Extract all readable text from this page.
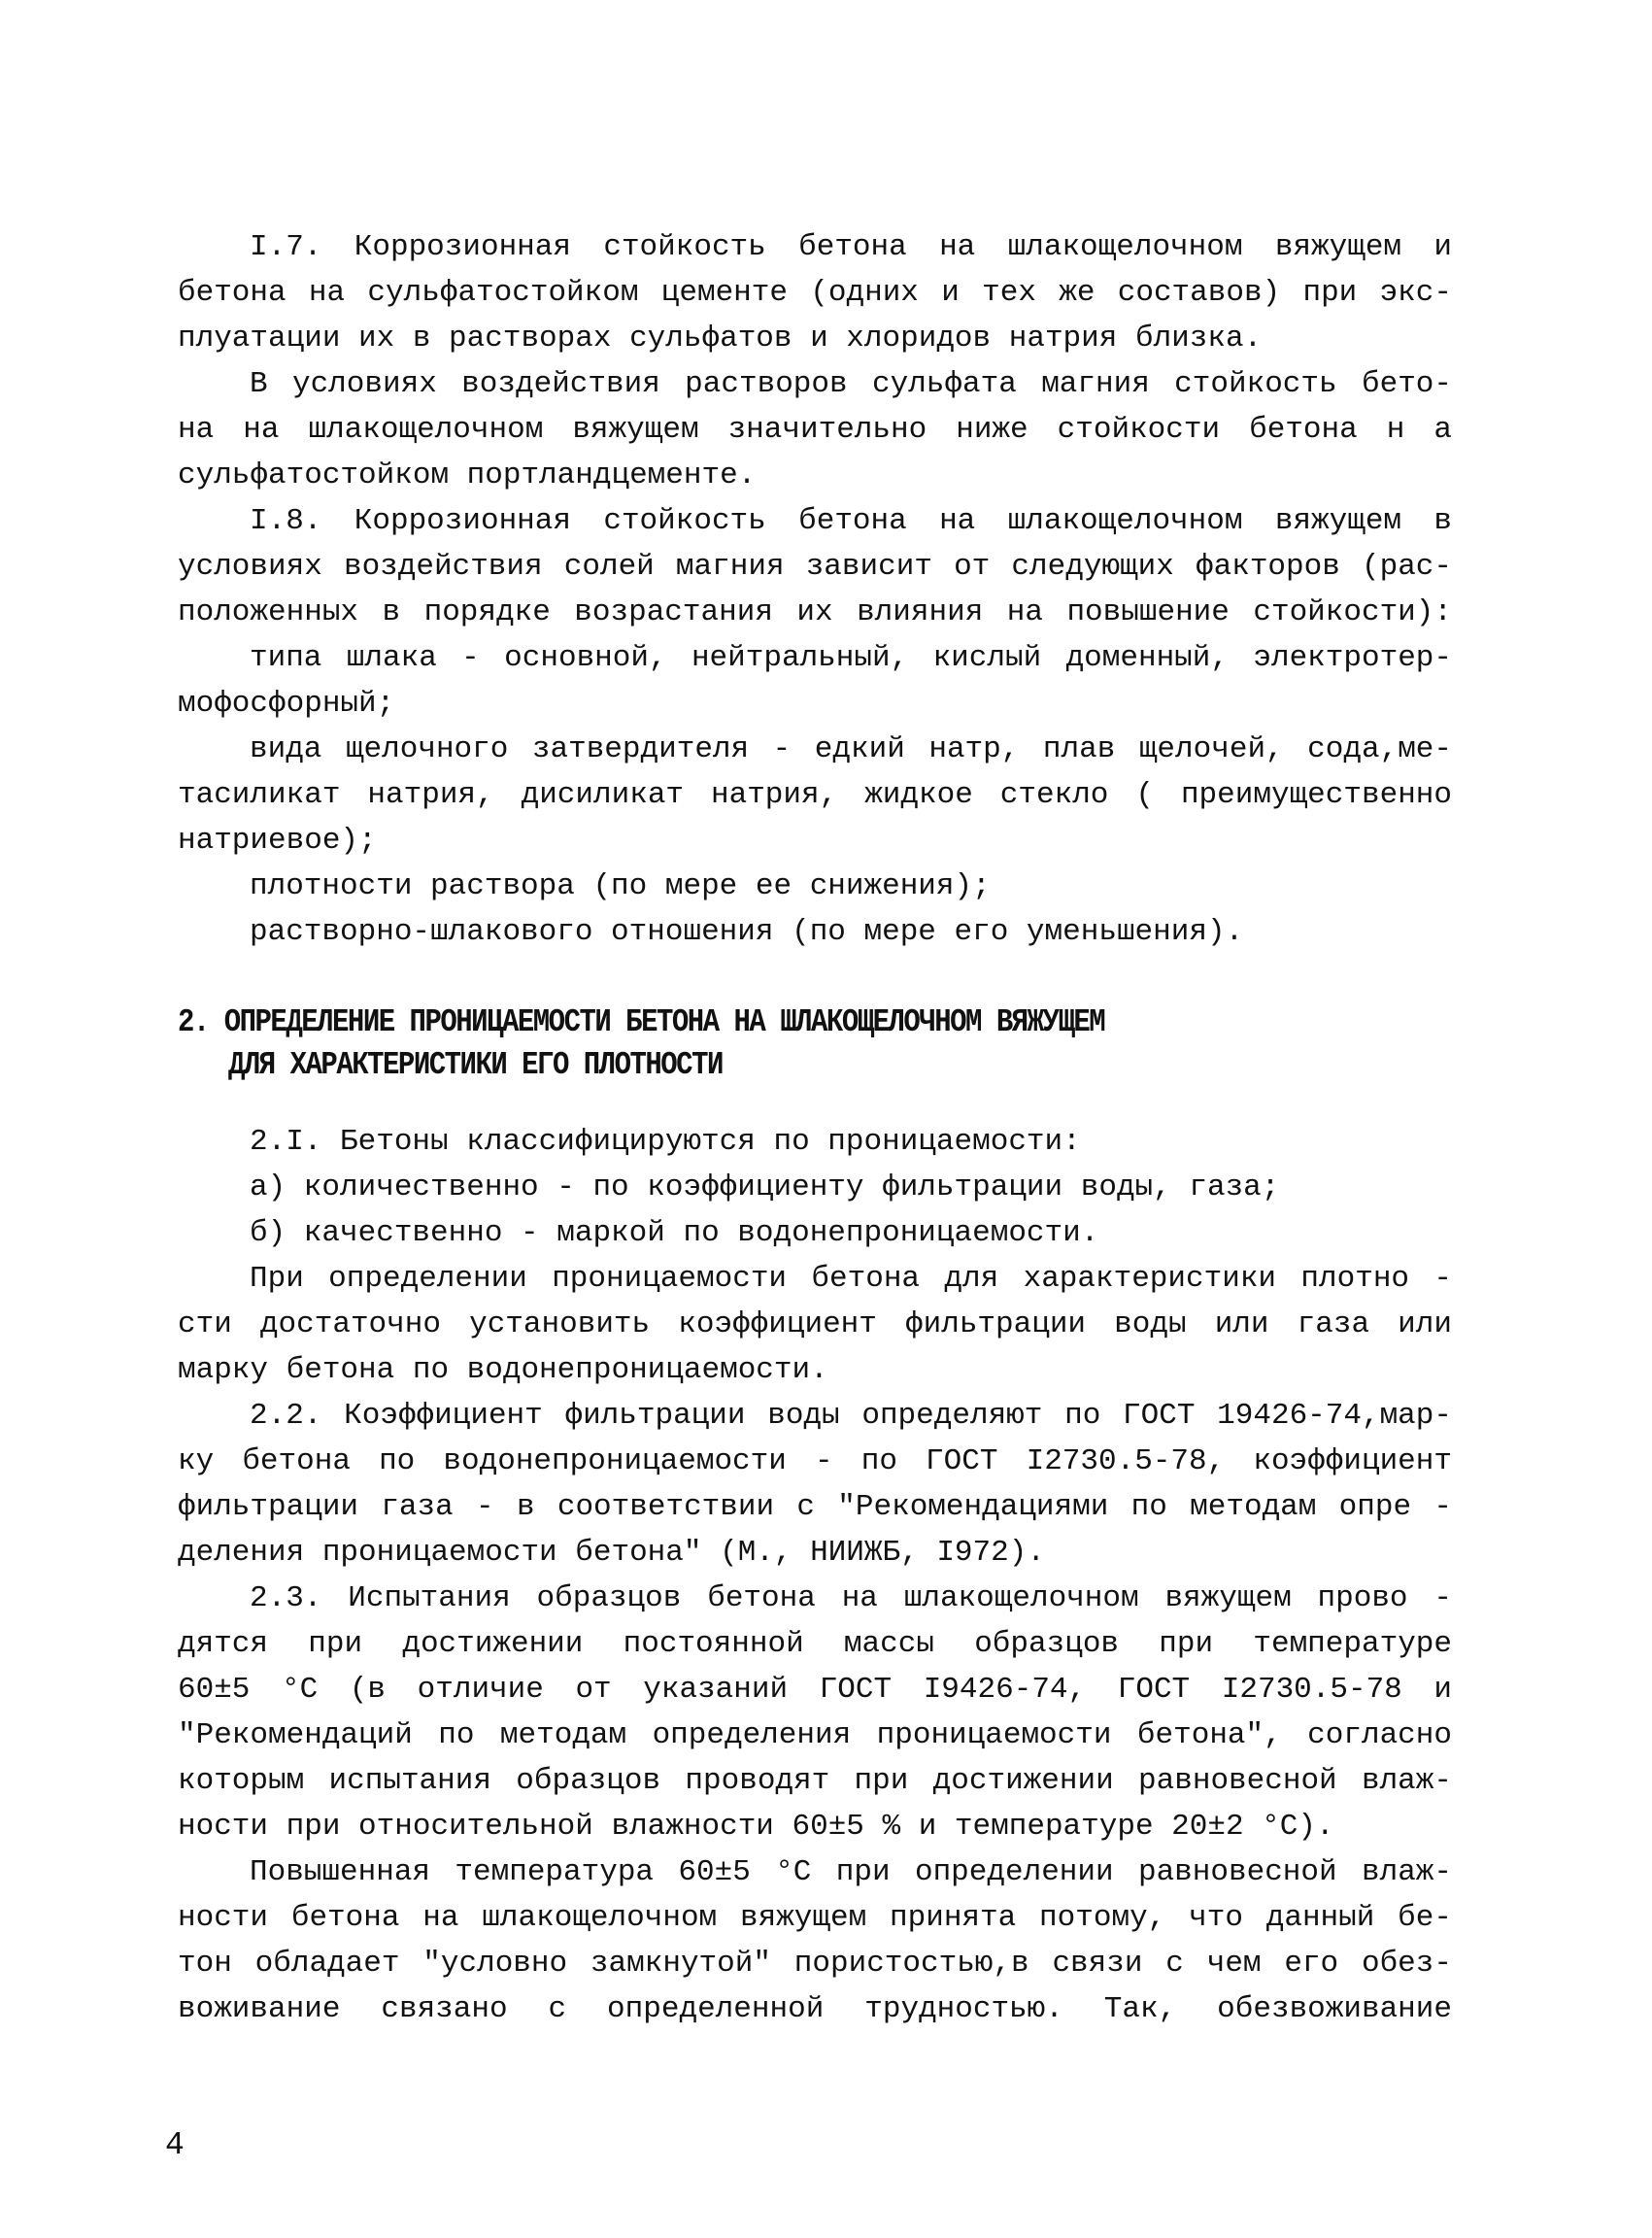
I.7. Коррозионная стойкость бетона на шлакощелочном вяжущем и
бетона на сульфатостойком цементе (одних и тех же составов) при экс-
плуатации их в растворах сульфатов и хлоридов натрия близка.
В условиях воздействия растворов сульфата магния стойкость бето-
на на шлакощелочном вяжущем значительно ниже стойкости бетона н а
сульфатостойком портландцементе.
I.8. Коррозионная стойкость бетона на шлакощелочном вяжущем в
условиях воздействия солей магния зависит от следующих факторов (рас-
положенных в порядке возрастания их влияния на повышение стойкости):
типа шлака - основной, нейтральный, кислый доменный, электротер-
мофосфорный;
вида щелочного затвердителя - едкий натр, плав щелочей, сода,ме-
тасиликат натрия, дисиликат натрия, жидкое стекло ( преимущественно
натриевое);
плотности раствора (по мере ее снижения);
растворно-шлакового отношения (по мере его уменьшения).
2. ОПРЕДЕЛЕНИЕ ПРОНИЦАЕМОСТИ БЕТОНА НА ШЛАКОЩЕЛОЧНОМ ВЯЖУЩЕМ
ДЛЯ ХАРАКТЕРИСТИКИ ЕГО ПЛОТНОСТИ
2.I. Бетоны классифицируются по проницаемости:
а) количественно - по коэффициенту фильтрации воды, газа;
б) качественно - маркой по водонепроницаемости.
При определении проницаемости бетона для характеристики плотно -
сти достаточно установить коэффициент фильтрации воды или газа или
марку бетона по водонепроницаемости.
2.2. Коэффициент фильтрации воды определяют по ГОСТ 19426-74,мар-
ку бетона по водонепроницаемости - по ГОСТ I2730.5-78, коэффициент
фильтрации газа - в соответствии с "Рекомендациями по методам опре -
деления проницаемости бетона" (М., НИИЖБ, I972).
2.3. Испытания образцов бетона на шлакощелочном вяжущем прово -
дятся при достижении постоянной массы образцов при температуре
60±5 °С (в отличие от указаний ГОСТ I9426-74, ГОСТ I2730.5-78 и
"Рекомендаций по методам определения проницаемости бетона", согласно
которым испытания образцов проводят при достижении равновесной влаж-
ности при относительной влажности 60±5 % и температуре 20±2 °С).
Повышенная температура 60±5 °С при определении равновесной влаж-
ности бетона на шлакощелочном вяжущем принята потому, что данный бе-
тон обладает "условно замкнутой" пористостью,в связи с чем его обез-
воживание связано с определенной трудностью. Так, обезвоживание
4
